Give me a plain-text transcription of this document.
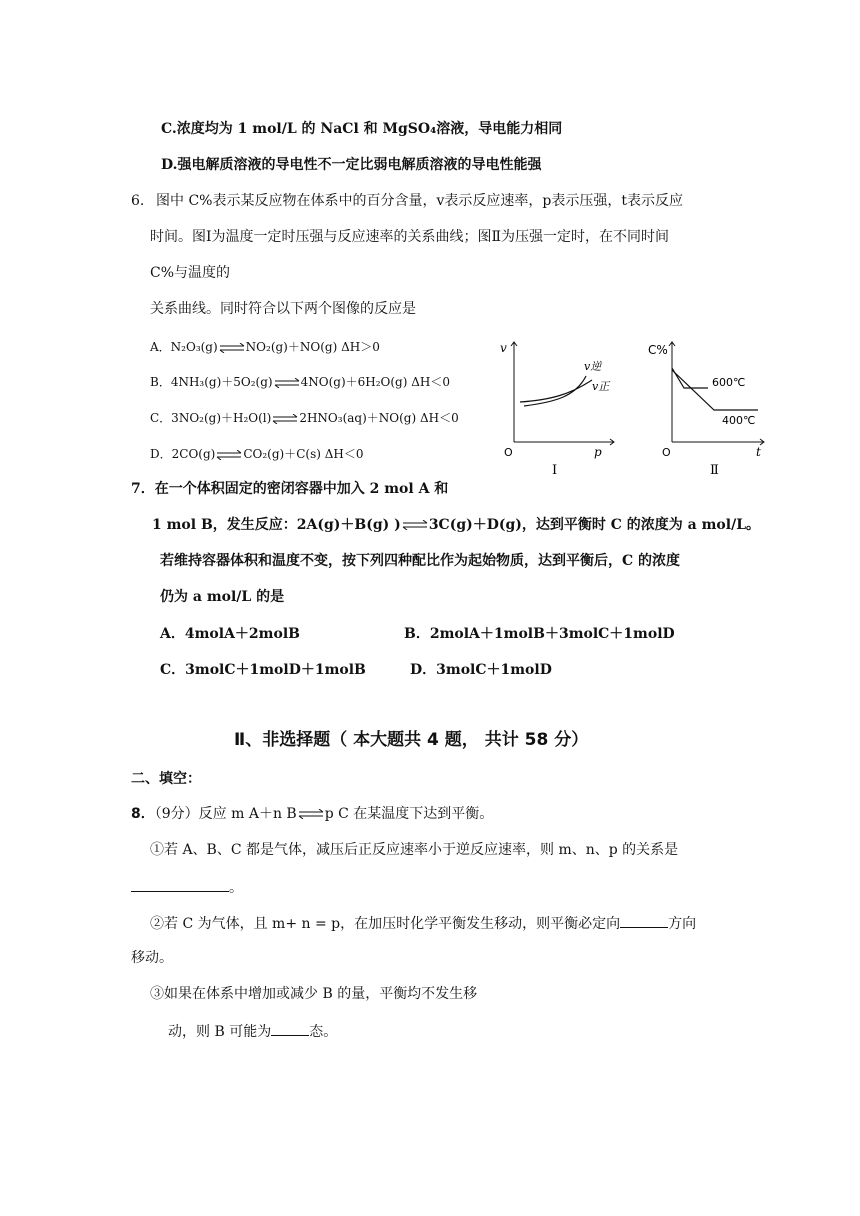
C.浓度均为 1 mol/L 的 NaCl 和 MgSO₄溶液，导电能力相同
D.强电解质溶液的导电性不一定比弱电解质溶液的导电性能强
6. 图中 C%表示某反应物在体系中的百分含量，v表示反应速率，p表示压强，t表示反应
时间。图Ⅰ为温度一定时压强与反应速率的关系曲线；图Ⅱ为压强一定时，在不同时间
C%与温度的
关系曲线。同时符合以下两个图像的反应是
A．N₂O₃(g)⇌NO₂(g)＋NO(g) ΔH＞0
B．4NH₃(g)＋5O₂(g)⇌4NO(g)＋6H₂O(g) ΔH＜0
C．3NO₂(g)＋H₂O(l)⇌2HNO₃(aq)＋NO(g) ΔH＜0
D．2CO(g)⇌CO₂(g)＋C(s) ΔH＜0
v
p
O
v逆
v正
Ⅰ
C%
t
O
600℃
400℃
Ⅱ
7．在一个体积固定的密闭容器中加入 2 mol A 和
1 mol B，发生反应：2A(g)＋B(g) )⇌3C(g)＋D(g)，达到平衡时 C 的浓度为 a mol/L。
若维持容器体积和温度不变，按下列四种配比作为起始物质，达到平衡后，C 的浓度
仍为 a mol/L 的是
A．4molA＋2molB	B．2molA＋1molB＋3molC＋1molD
C．3molC＋1molD＋1molB	D．3molC＋1molD
Ⅱ、非选择题（ 本大题共 4 题， 共计 58 分）
二、填空：
8．（9分）反应 m A＋n B⇌p C 在某温度下达到平衡。
①若 A、B、C 都是气体，减压后正反应速率小于逆反应速率，则 m、n、p 的关系是
。
②若 C 为气体，且 m+ n = p，在加压时化学平衡发生移动，则平衡必定向	方向
移动。
③如果在体系中增加或减少 B 的量，平衡均不发生移
动，则 B 可能为	态。
